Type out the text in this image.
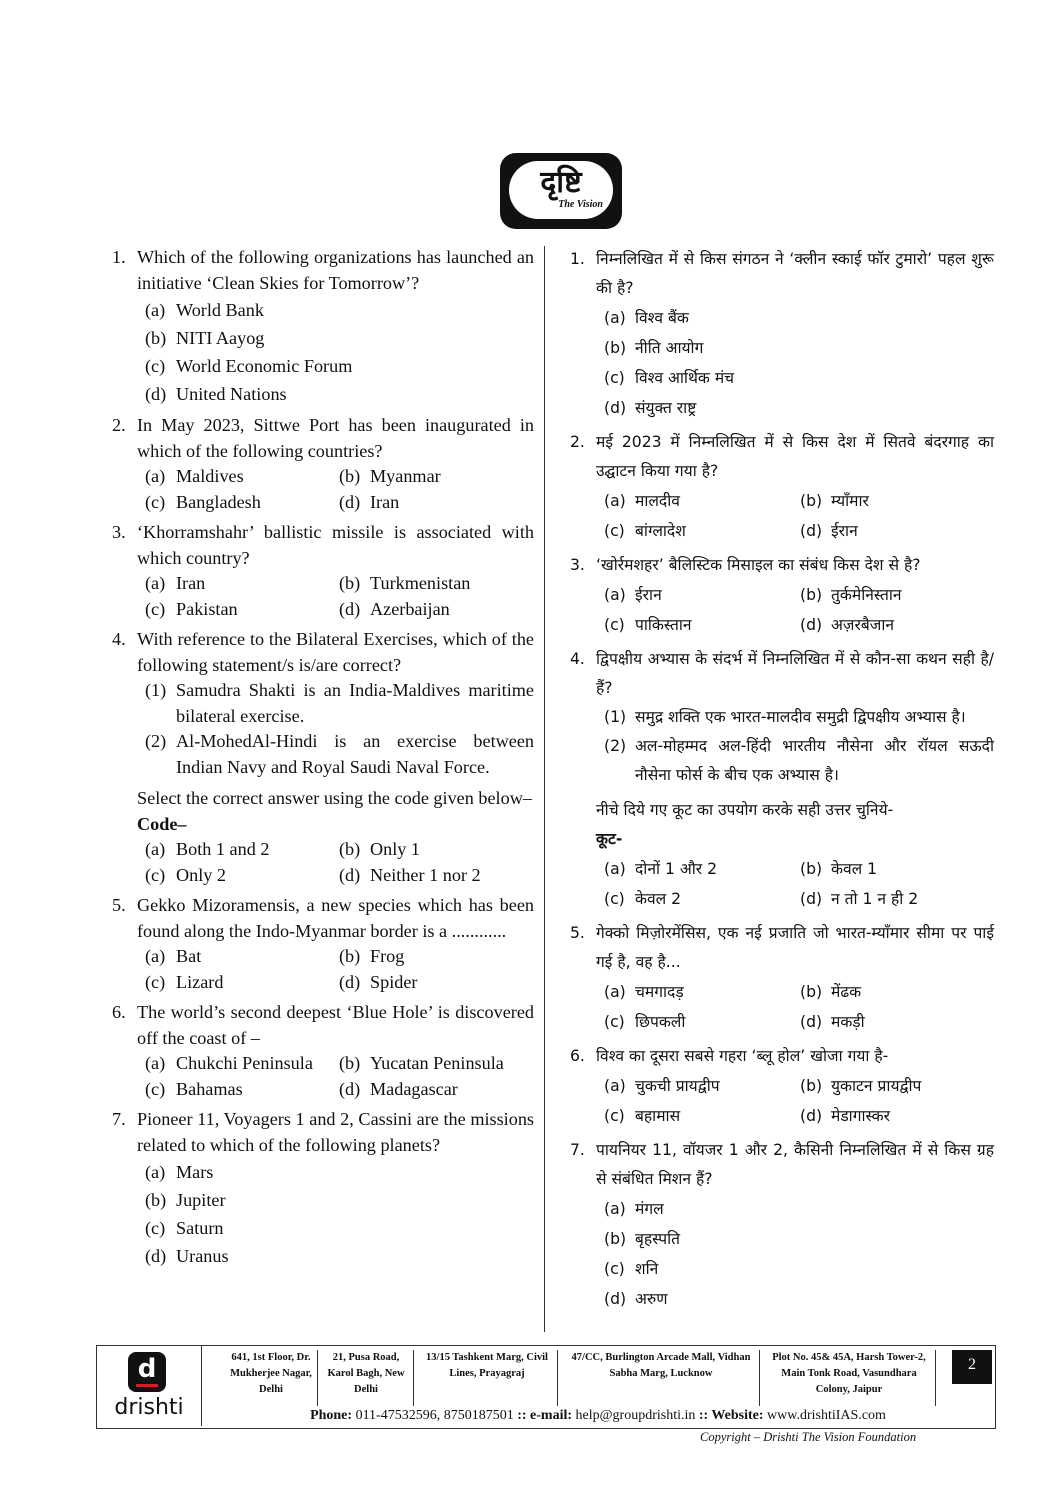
दृष्टि
The Vision
1. Which of the following organizations has launched an initiative ‘Clean Skies for Tomorrow’?
(a) World Bank
(b) NITI Aayog
(c) World Economic Forum
(d) United Nations
2. In May 2023, Sittwe Port has been inaugurated in which of the following countries?
(a) Maldives	(b) Myanmar
(c) Bangladesh	(d) Iran
3. ‘Khorramshahr’ ballistic missile is associated with which country?
(a) Iran	(b) Turkmenistan
(c) Pakistan	(d) Azerbaijan
4. With reference to the Bilateral Exercises, which of the following statement/s is/are correct?
(1) Samudra Shakti is an India-Maldives maritime bilateral exercise.
(2) Al-MohedAl-Hindi is an exercise between Indian Navy and Royal Saudi Naval Force.
Select the correct answer using the code given below–
Code–
(a) Both 1 and 2	(b) Only 1
(c) Only 2	(d) Neither 1 nor 2
5. Gekko Mizoramensis, a new species which has been found along the Indo-Myanmar border is a ............
(a) Bat	(b) Frog
(c) Lizard	(d) Spider
6. The world’s second deepest ‘Blue Hole’ is discovered off the coast of –
(a) Chukchi Peninsula	(b) Yucatan Peninsula
(c) Bahamas	(d) Madagascar
7. Pioneer 11, Voyagers 1 and 2, Cassini are the missions related to which of the following planets?
(a) Mars
(b) Jupiter
(c) Saturn
(d) Uranus
1. निम्नलिखित में से किस संगठन ने ‘क्लीन स्काई फॉर टुमारो’ पहल शुरू की है?
(a) विश्व बैंक
(b) नीति आयोग
(c) विश्व आर्थिक मंच
(d) संयुक्त राष्ट्र
2. मई 2023 में निम्नलिखित में से किस देश में सितवे बंदरगाह का उद्घाटन किया गया है?
(a) मालदीव	(b) म्याँमार
(c) बांग्लादेश	(d) ईरान
3. ‘खोर्रमशहर’ बैलिस्टिक मिसाइल का संबंध किस देश से है?
(a) ईरान	(b) तुर्कमेनिस्तान
(c) पाकिस्तान	(d) अज़रबैजान
4. द्विपक्षीय अभ्यास के संदर्भ में निम्नलिखित में से कौन-सा कथन सही है/हैं?
(1) समुद्र शक्ति एक भारत-मालदीव समुद्री द्विपक्षीय अभ्यास है।
(2) अल-मोहम्मद अल-हिंदी भारतीय नौसेना और रॉयल सऊदी नौसेना फोर्स के बीच एक अभ्यास है।
नीचे दिये गए कूट का उपयोग करके सही उत्तर चुनिये-
कूट-
(a) दोनों 1 और 2	(b) केवल 1
(c) केवल 2	(d) न तो 1 न ही 2
5. गेक्को मिज़ोरमेंसिस, एक नई प्रजाति जो भारत-म्याँमार सीमा पर पाई गई है, वह है...
(a) चमगादड़	(b) मेंढक
(c) छिपकली	(d) मकड़ी
6. विश्व का दूसरा सबसे गहरा ‘ब्लू होल’ खोजा गया है-
(a) चुकची प्रायद्वीप	(b) युकाटन प्रायद्वीप
(c) बहामास	(d) मेडागास्कर
7. पायनियर 11, वॉयजर 1 और 2, कैसिनी निम्नलिखित में से किस ग्रह से संबंधित मिशन हैं?
(a) मंगल
(b) बृहस्पति
(c) शनि
(d) अरुण
d
drishti
641, 1st Floor, Dr. Mukherjee Nagar, Delhi
21, Pusa Road, Karol Bagh, New Delhi
13/15 Tashkent Marg, Civil Lines, Prayagraj
47/CC, Burlington Arcade Mall, Vidhan Sabha Marg, Lucknow
Plot No. 45& 45A, Harsh Tower-2, Main Tonk Road, Vasundhara Colony, Jaipur
2
Phone: 011-47532596, 8750187501 :: e-mail: help@groupdrishti.in :: Website: www.drishtiIAS.com
Copyright – Drishti The Vision Foundation
